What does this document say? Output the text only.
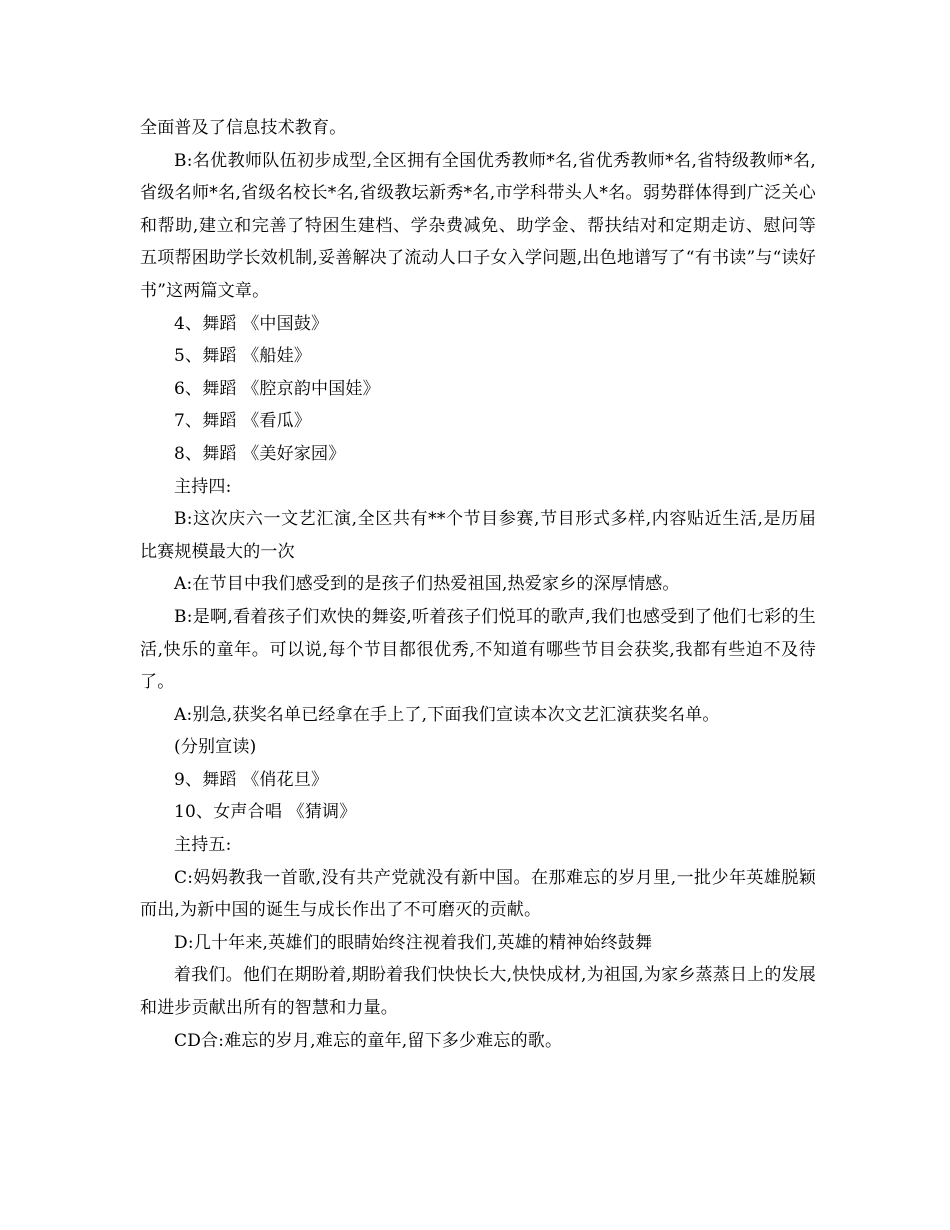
全面普及了信息技术教育。

B:名优教师队伍初步成型,全区拥有全国优秀教师*名,省优秀教师*名,省特级教师*名,省级名师*名,省级名校长*名,省级教坛新秀*名,市学科带头人*名。弱势群体得到广泛关心和帮助,建立和完善了特困生建档、学杂费减免、助学金、帮扶结对和定期走访、慰问等五项帮困助学长效机制,妥善解决了流动人口子女入学问题,出色地谱写了“有书读”与“读好书”这两篇文章。

4、舞蹈 《中国鼓》

5、舞蹈 《船娃》

6、舞蹈 《腔京韵中国娃》

7、舞蹈 《看瓜》

8、舞蹈 《美好家园》

主持四:

B:这次庆六一文艺汇演,全区共有**个节目参赛,节目形式多样,内容贴近生活,是历届比赛规模最大的一次

A:在节目中我们感受到的是孩子们热爱祖国,热爱家乡的深厚情感。

B:是啊,看着孩子们欢快的舞姿,听着孩子们悦耳的歌声,我们也感受到了他们七彩的生活,快乐的童年。可以说,每个节目都很优秀,不知道有哪些节目会获奖,我都有些迫不及待了。

A:别急,获奖名单已经拿在手上了,下面我们宣读本次文艺汇演获奖名单。

(分别宣读)

9、舞蹈 《俏花旦》

10、女声合唱 《猜调》

主持五:

C:妈妈教我一首歌,没有共产党就没有新中国。在那难忘的岁月里,一批少年英雄脱颖而出,为新中国的诞生与成长作出了不可磨灭的贡献。

D:几十年来,英雄们的眼睛始终注视着我们,英雄的精神始终鼓舞

着我们。他们在期盼着,期盼着我们快快长大,快快成材,为祖国,为家乡蒸蒸日上的发展和进步贡献出所有的智慧和力量。

CD合:难忘的岁月,难忘的童年,留下多少难忘的歌。
